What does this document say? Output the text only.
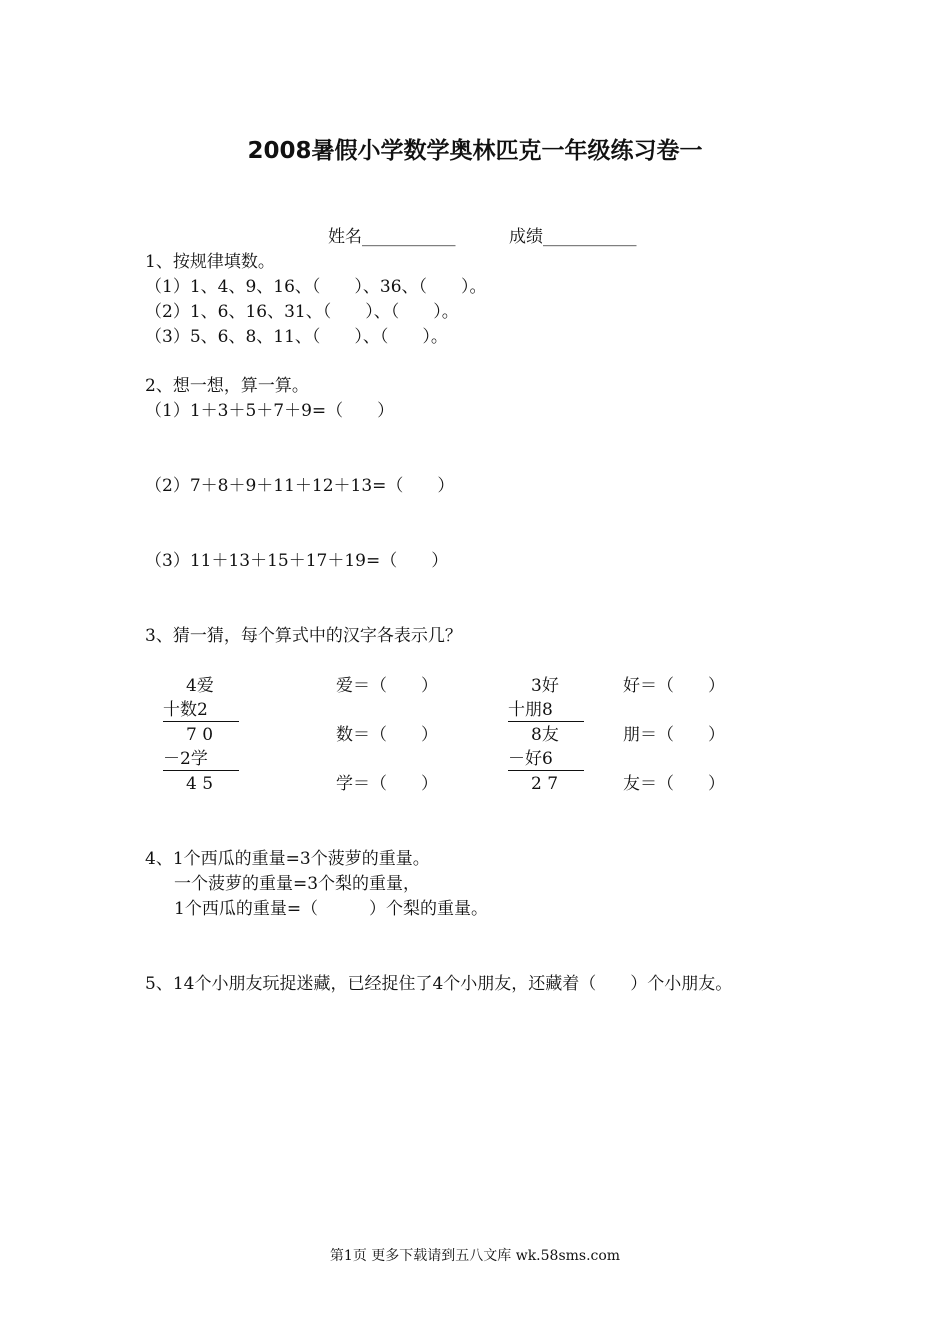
2008暑假小学数学奥林匹克一年级练习卷一
姓名___________	成绩___________
1、按规律填数。
（1）1、4、9、16、（　　）、36、（　　）。
（2）1、6、16、31、（　　）、（　　）。
（3）5、6、8、11、（　　）、（　　）。
2、想一想，算一算。
（1）1＋3＋5＋7＋9=（　　）
（2）7＋8＋9＋11＋12＋13=（　　）
（3）11＋13＋15＋17＋19=（　　）
3、猜一猜，每个算式中的汉字各表示几？
4爱
十数2
7 0
－2学
4 5
爱＝（　　）
数＝（　　）
学＝（　　）
3好
十朋8
8友
－好6
2 7
好＝（　　）
朋＝（　　）
友＝（　　）
4、1个西瓜的重量=3个菠萝的重量。
一个菠萝的重量=3个梨的重量，
1个西瓜的重量=（　　　）个梨的重量。
5、14个小朋友玩捉迷藏，已经捉住了4个小朋友，还藏着（　　）个小朋友。
第1页 更多下载请到五八文库 wk.58sms.com
